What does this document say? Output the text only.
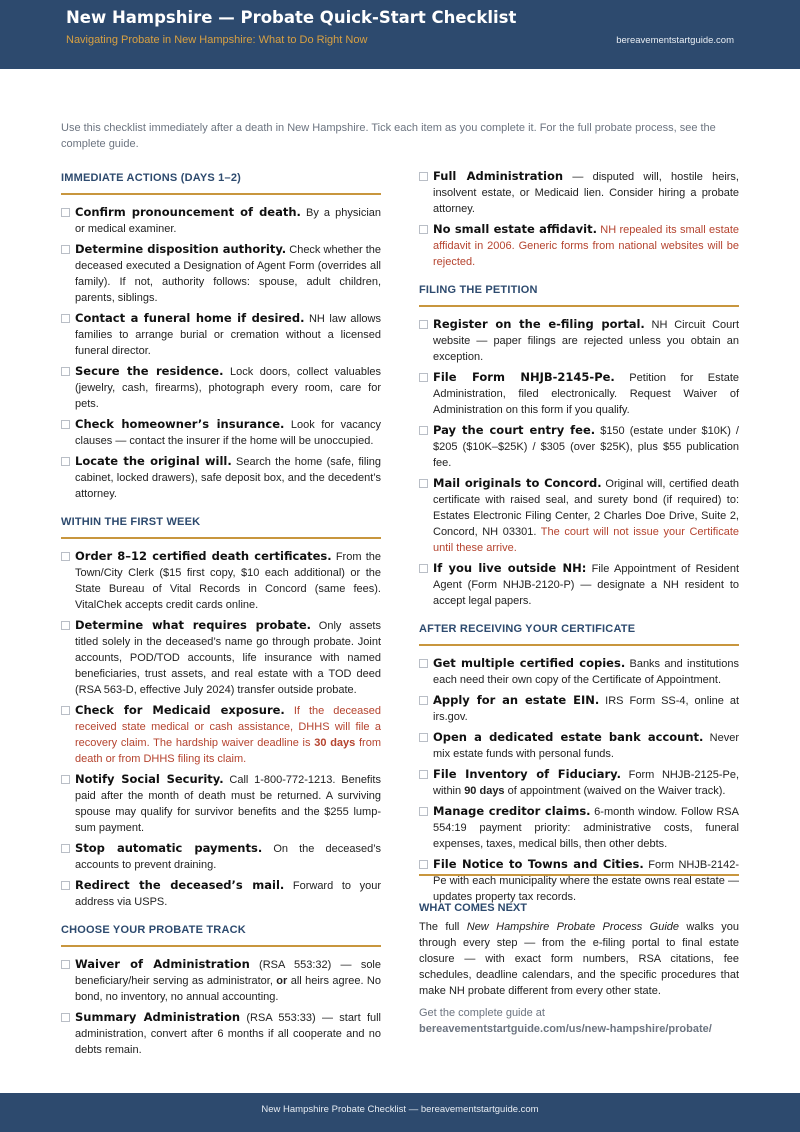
New Hampshire — Probate Quick-Start Checklist
Navigating Probate in New Hampshire: What to Do Right Now	bereavementstartguide.com
Use this checklist immediately after a death in New Hampshire. Tick each item as you complete it. For the full probate process, see the complete guide.
IMMEDIATE ACTIONS (DAYS 1–2)
Confirm pronouncement of death. By a physician or medical examiner.
Determine disposition authority. Check whether the deceased executed a Designation of Agent Form (overrides all family). If not, authority follows: spouse, adult children, parents, siblings.
Contact a funeral home if desired. NH law allows families to arrange burial or cremation without a licensed funeral director.
Secure the residence. Lock doors, collect valuables (jewelry, cash, firearms), photograph every room, care for pets.
Check homeowner’s insurance. Look for vacancy clauses — contact the insurer if the home will be unoccupied.
Locate the original will. Search the home (safe, filing cabinet, locked drawers), safe deposit box, and the decedent’s attorney.
WITHIN THE FIRST WEEK
Order 8–12 certified death certificates. From the Town/City Clerk ($15 first copy, $10 each additional) or the State Bureau of Vital Records in Concord (same fees). VitalChek accepts credit cards online.
Determine what requires probate. Only assets titled solely in the deceased’s name go through probate. Joint accounts, POD/TOD accounts, life insurance with named beneficiaries, trust assets, and real estate with a TOD deed (RSA 563-D, effective July 2024) transfer outside probate.
Check for Medicaid exposure. If the deceased received state medical or cash assistance, DHHS will file a recovery claim. The hardship waiver deadline is 30 days from death or from DHHS filing its claim.
Notify Social Security. Call 1-800-772-1213. Benefits paid after the month of death must be returned. A surviving spouse may qualify for survivor benefits and the $255 lump-sum payment.
Stop automatic payments. On the deceased’s accounts to prevent draining.
Redirect the deceased’s mail. Forward to your address via USPS.
CHOOSE YOUR PROBATE TRACK
Waiver of Administration (RSA 553:32) — sole beneficiary/heir serving as administrator, or all heirs agree. No bond, no inventory, no annual accounting.
Summary Administration (RSA 553:33) — start full administration, convert after 6 months if all cooperate and no debts remain.
Full Administration — disputed will, hostile heirs, insolvent estate, or Medicaid lien. Consider hiring a probate attorney.
No small estate affidavit. NH repealed its small estate affidavit in 2006. Generic forms from national websites will be rejected.
FILING THE PETITION
Register on the e-filing portal. NH Circuit Court website — paper filings are rejected unless you obtain an exception.
File Form NHJB-2145-Pe. Petition for Estate Administration, filed electronically. Request Waiver of Administration on this form if you qualify.
Pay the court entry fee. $150 (estate under $10K) / $205 ($10K–$25K) / $305 (over $25K), plus $55 publication fee.
Mail originals to Concord. Original will, certified death certificate with raised seal, and surety bond (if required) to: Estates Electronic Filing Center, 2 Charles Doe Drive, Suite 2, Concord, NH 03301. The court will not issue your Certificate until these arrive.
If you live outside NH: File Appointment of Resident Agent (Form NHJB-2120-P) — designate a NH resident to accept legal papers.
AFTER RECEIVING YOUR CERTIFICATE
Get multiple certified copies. Banks and institutions each need their own copy of the Certificate of Appointment.
Apply for an estate EIN. IRS Form SS-4, online at irs.gov.
Open a dedicated estate bank account. Never mix estate funds with personal funds.
File Inventory of Fiduciary. Form NHJB-2125-Pe, within 90 days of appointment (waived on the Waiver track).
Manage creditor claims. 6-month window. Follow RSA 554:19 payment priority: administrative costs, funeral expenses, taxes, medical bills, then other debts.
File Notice to Towns and Cities. Form NHJB-2142-Pe with each municipality where the estate owns real estate — updates property tax records.
WHAT COMES NEXT
The full New Hampshire Probate Process Guide walks you through every step — from the e-filing portal to final estate closure — with exact form numbers, RSA citations, fee schedules, deadline calendars, and the specific procedures that make NH probate different from every other state.
Get the complete guide at
bereavementstartguide.com/us/new-hampshire/probate/
New Hampshire Probate Checklist — bereavementstartguide.com
